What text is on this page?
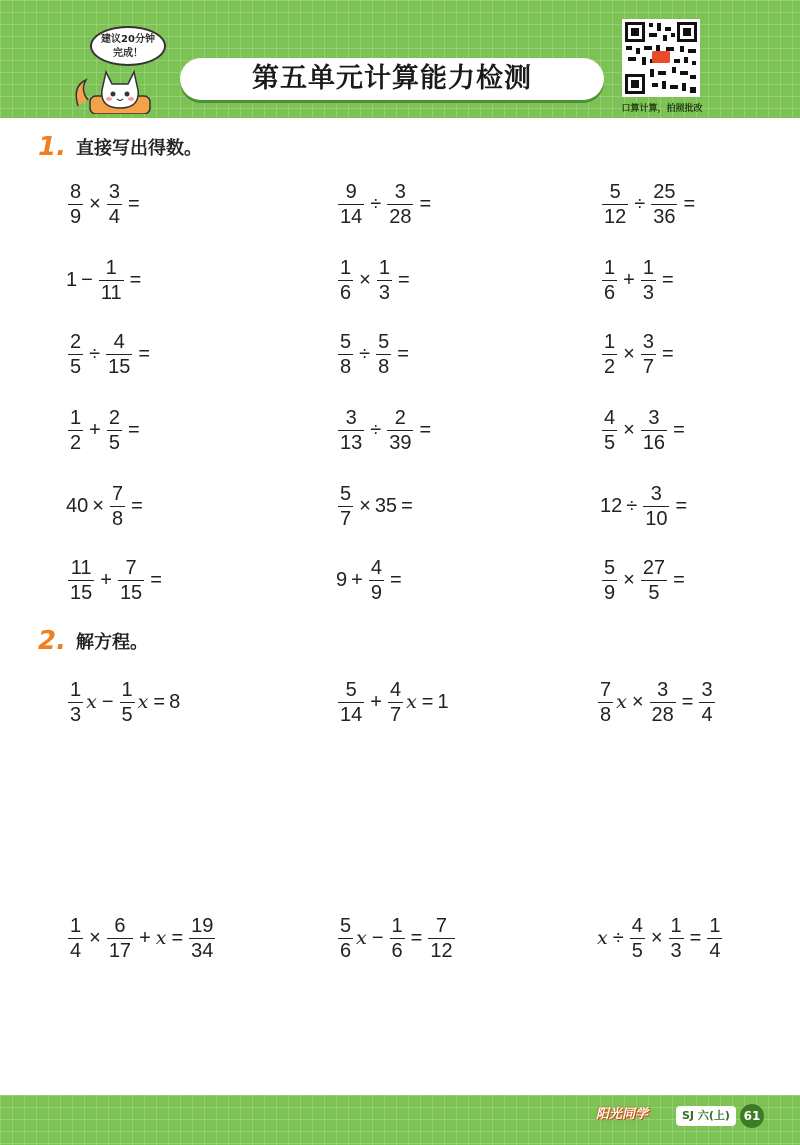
建议20分钟
完成！
第五单元计算能力检测
口算计算，拍照批改
1. 直接写出得数。
$\frac{8}{9} \times \frac{3}{4}$ =	$\frac{9}{14} \div \frac{3}{28}$ =	$\frac{5}{12} \div \frac{25}{36}$ =
$1 - \frac{1}{11}$ =	$\frac{1}{6} \times \frac{1}{3}$ =	$\frac{1}{6} + \frac{1}{3}$ =
$\frac{2}{5} \div \frac{4}{15}$ =	$\frac{5}{8} \div \frac{5}{8}$ =	$\frac{1}{2} \times \frac{3}{7}$ =
$\frac{1}{2} + \frac{2}{5}$ =	$\frac{3}{13} \div \frac{2}{39}$ =	$\frac{4}{5} \times \frac{3}{16}$ =
$40 \times \frac{7}{8}$ =	$\frac{5}{7} \times 35$ =	$12 \div \frac{3}{10}$ =
$\frac{11}{15} + \frac{7}{15}$ =	$9 + \frac{4}{9}$ =	$\frac{5}{9} \times \frac{27}{5}$ =
2. 解方程。
$\frac{1}{3}$ $x - \frac{1}{5}$ x = 8	$\frac{5}{14} + \frac{4}{7}$ x = 1	$\frac{7}{8}$ $x \times \frac{3}{28} = \frac{3}{4}$
$\frac{1}{4} \times \frac{6}{17} + x = \frac{19}{34}$	$\frac{5}{6}$ $x - \frac{1}{6} = \frac{7}{12}$	$x \div \frac{4}{5} \times \frac{1}{3} = \frac{1}{4}$
阳光同学	SJ 六(上)	61
